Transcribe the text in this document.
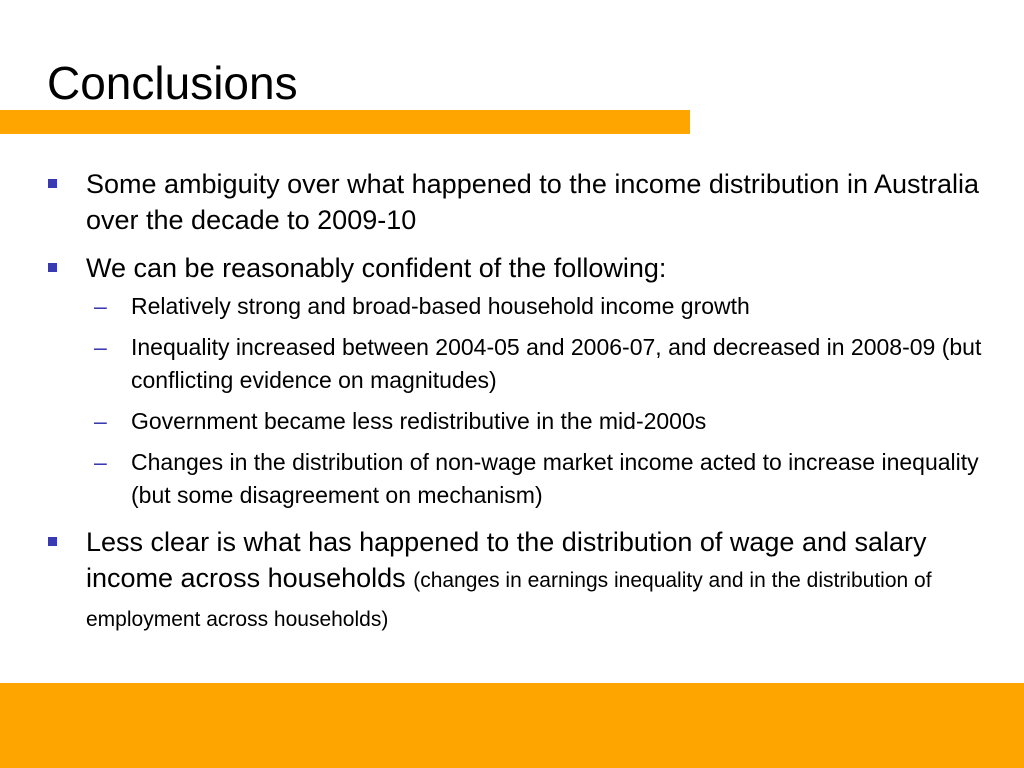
Conclusions
Some ambiguity over what happened to the income distribution in Australia over the decade to 2009-10
We can be reasonably confident of the following:
– Relatively strong and broad-based household income growth
– Inequality increased between 2004-05 and 2006-07, and decreased in 2008-09 (but conflicting evidence on magnitudes)
– Government became less redistributive in the mid-2000s
– Changes in the distribution of non-wage market income acted to increase inequality (but some disagreement on mechanism)
Less clear is what has happened to the distribution of wage and salary income across households (changes in earnings inequality and in the distribution of employment across households)
